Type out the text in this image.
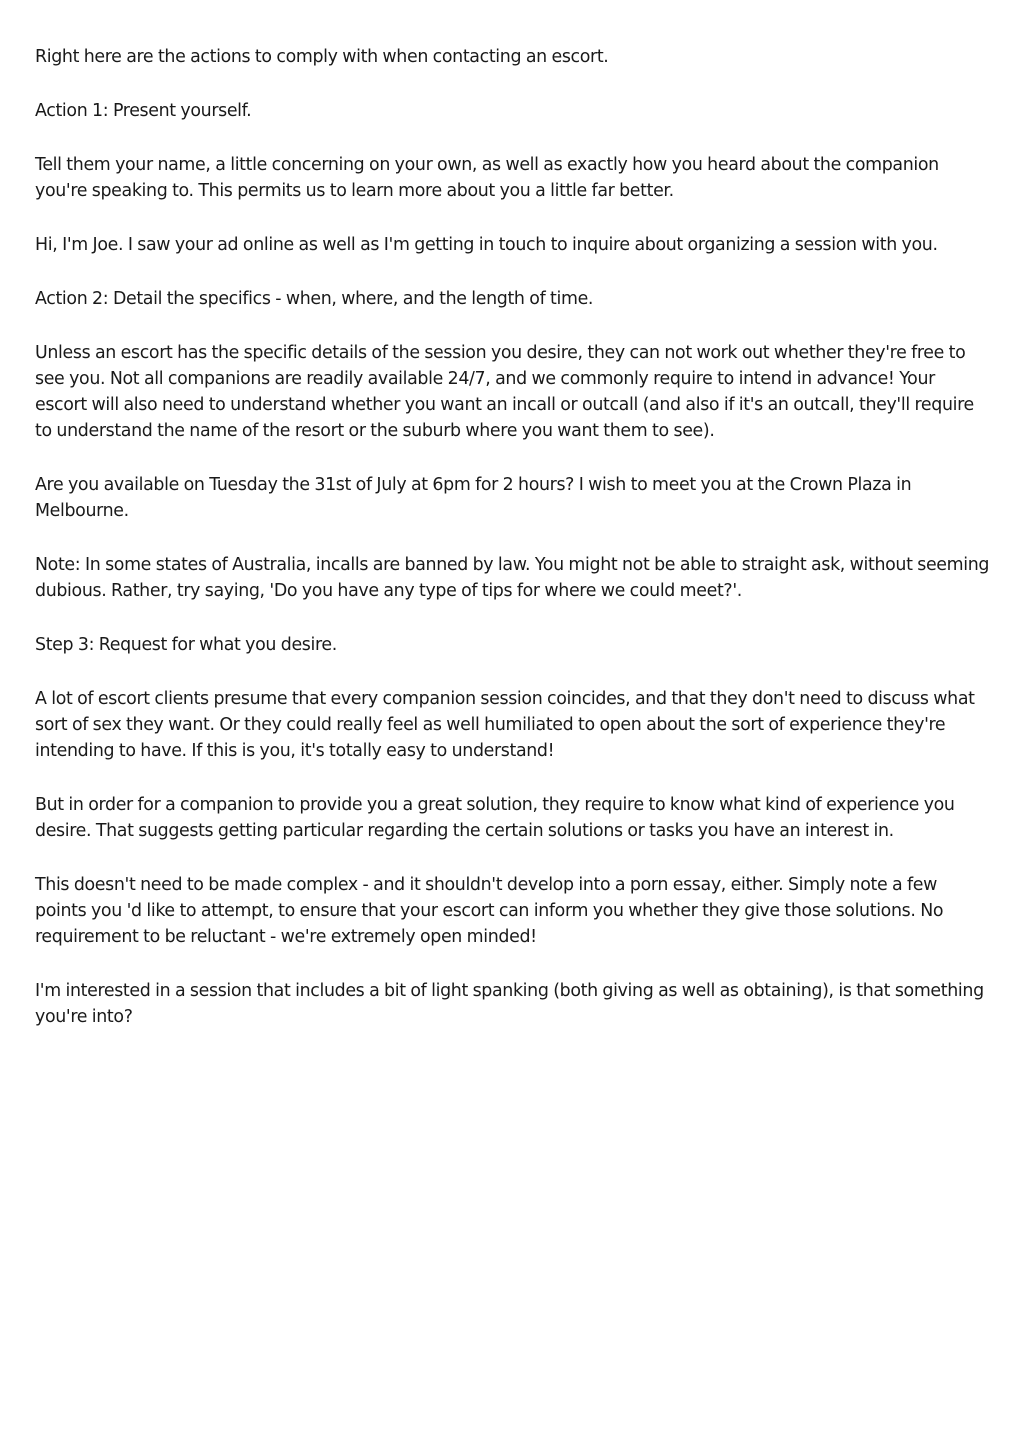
Right here are the actions to comply with when contacting an escort.

Action 1: Present yourself.

Tell them your name, a little concerning on your own, as well as exactly how you heard about the companion you're speaking to. This permits us to learn more about you a little far better.

Hi, I'm Joe. I saw your ad online as well as I'm getting in touch to inquire about organizing a session with you.

Action 2: Detail the specifics - when, where, and the length of time.

Unless an escort has the specific details of the session you desire, they can not work out whether they're free to see you. Not all companions are readily available 24/7, and we commonly require to intend in advance! Your escort will also need to understand whether you want an incall or outcall (and also if it's an outcall, they'll require to understand the name of the resort or the suburb where you want them to see).

Are you available on Tuesday the 31st of July at 6pm for 2 hours? I wish to meet you at the Crown Plaza in Melbourne.

Note: In some states of Australia, incalls are banned by law. You might not be able to straight ask, without seeming dubious. Rather, try saying, 'Do you have any type of tips for where we could meet?'.

Step 3: Request for what you desire.

A lot of escort clients presume that every companion session coincides, and that they don't need to discuss what sort of sex they want. Or they could really feel as well humiliated to open about the sort of experience they're intending to have. If this is you, it's totally easy to understand!

But in order for a companion to provide you a great solution, they require to know what kind of experience you desire. That suggests getting particular regarding the certain solutions or tasks you have an interest in.

This doesn't need to be made complex - and it shouldn't develop into a porn essay, either. Simply note a few points you 'd like to attempt, to ensure that your escort can inform you whether they give those solutions. No requirement to be reluctant - we're extremely open minded!

I'm interested in a session that includes a bit of light spanking (both giving as well as obtaining), is that something you're into?
